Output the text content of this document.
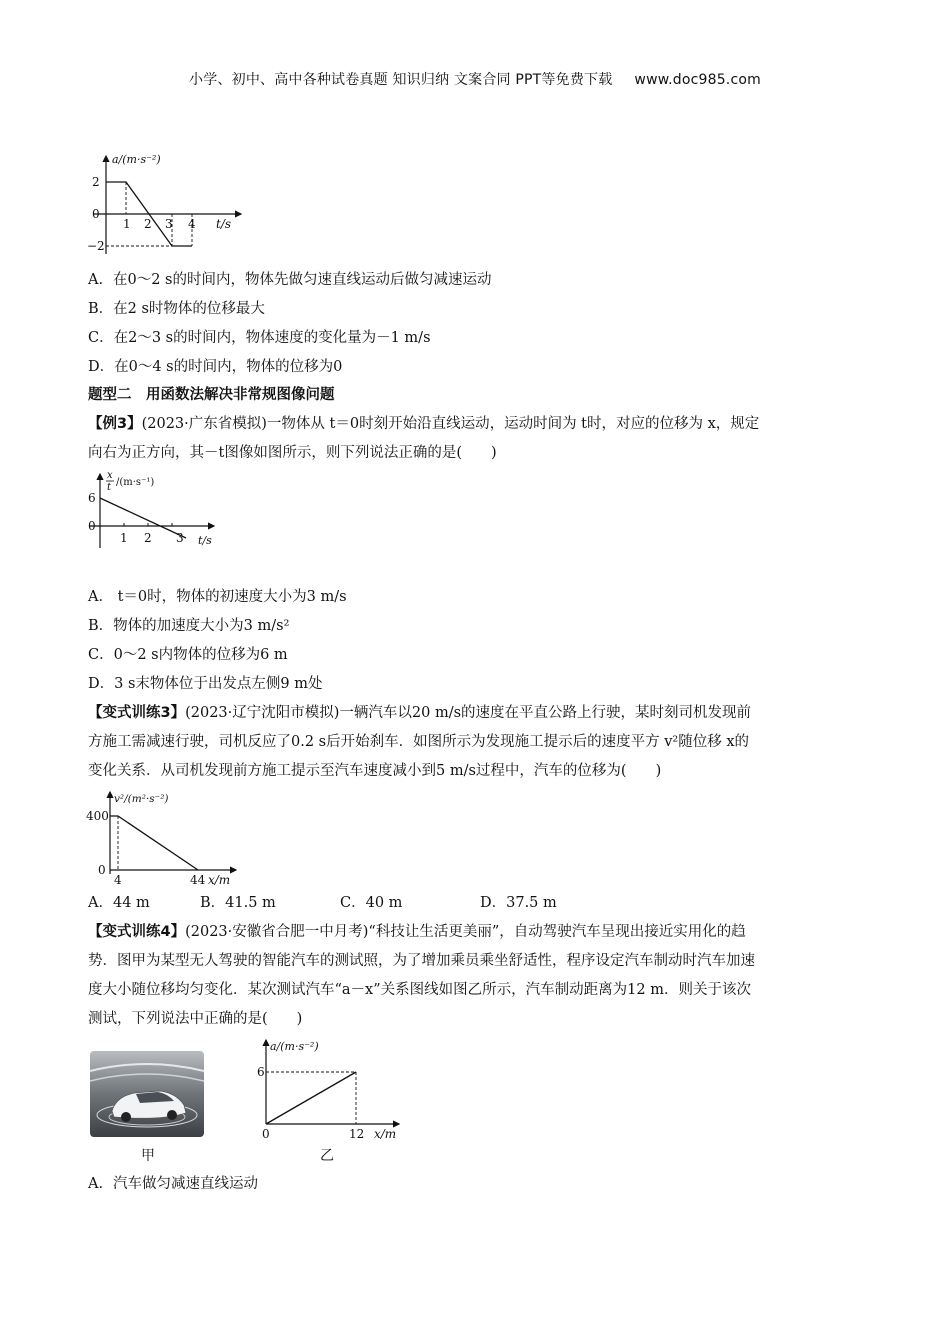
小学、初中、高中各种试卷真题 知识归纳 文案合同 PPT等免费下载 www.doc985.com
a/(m·s⁻²)
2
0
−2
1 2 3 4 t/s
A．在0～2 s的时间内，物体先做匀速直线运动后做匀减速运动
B．在2 s时物体的位移最大
C．在2～3 s的时间内，物体速度的变化量为－1 m/s
D．在0～4 s的时间内，物体的位移为0
题型二　用函数法解决非常规图像问题
【例3】(2023·广东省模拟)一物体从 t＝0时刻开始沿直线运动，运动时间为 t时，对应的位移为 x，规定
向右为正方向，其－t图像如图所示，则下列说法正确的是(　　)
x
t /(m·s⁻¹)
6
0
1 2 3 t/s
A． t＝0时，物体的初速度大小为3 m/s
B．物体的加速度大小为3 m/s²
C．0～2 s内物体的位移为6 m
D．3 s末物体位于出发点左侧9 m处
【变式训练3】(2023·辽宁沈阳市模拟)一辆汽车以20 m/s的速度在平直公路上行驶，某时刻司机发现前
方施工需减速行驶，司机反应了0.2 s后开始刹车．如图所示为发现施工提示后的速度平方 v²随位移 x的
变化关系．从司机发现前方施工提示至汽车速度减小到5 m/s过程中，汽车的位移为(　　)
v²/(m²·s⁻²)
400
0
4	44 x/m
A．44 m	B．41.5 m	C．40 m	D．37.5 m
【变式训练4】(2023·安徽省合肥一中月考)“科技让生活更美丽”，自动驾驶汽车呈现出接近实用化的趋
势．图甲为某型无人驾驶的智能汽车的测试照，为了增加乘员乘坐舒适性，程序设定汽车制动时汽车加速
度大小随位移均匀变化．某次测试汽车“a－x”关系图线如图乙所示，汽车制动距离为12 m．则关于该次
测试，下列说法中正确的是(　　)
甲
a/(m·s⁻²)
6
0	12 x/m
乙
A．汽车做匀减速直线运动
